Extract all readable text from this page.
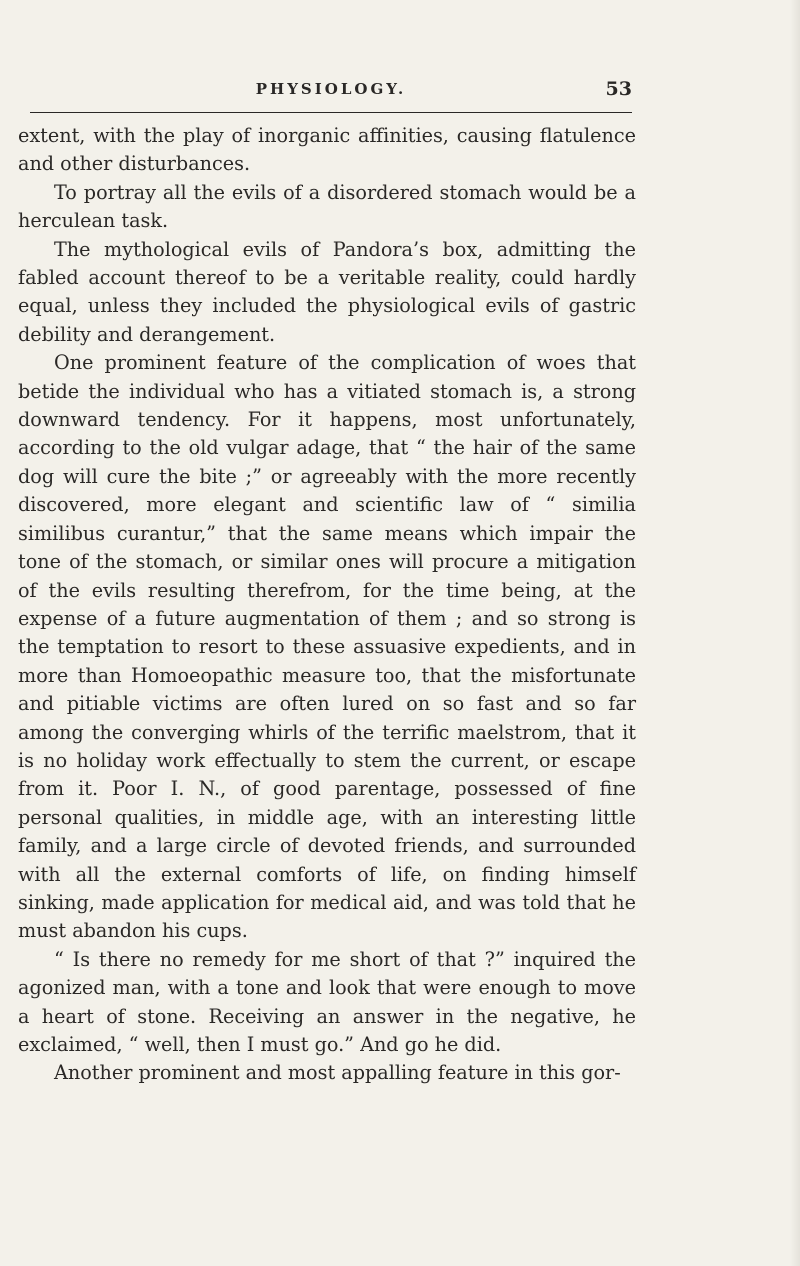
PHYSIOLOGY.	53

extent, with the play of inorganic affinities, causing flatulence and other disturbances.

To portray all the evils of a disordered stomach would be a herculean task.

The mythological evils of Pandora’s box, admitting the fabled account thereof to be a veritable reality, could hardly equal, unless they included the physiological evils of gastric debility and derangement.

One prominent feature of the complication of woes that betide the individual who has a vitiated stomach is, a strong downward tendency. For it happens, most unfortunately, according to the old vulgar adage, that “ the hair of the same dog will cure the bite ;” or agreeably with the more recently discovered, more elegant and scientific law of “ similia similibus curantur,” that the same means which impair the tone of the stomach, or similar ones will procure a mitigation of the evils resulting therefrom, for the time being, at the expense of a future augmentation of them ; and so strong is the temptation to resort to these assuasive expedients, and in more than Homoeopathic measure too, that the misfortunate and pitiable victims are often lured on so fast and so far among the converging whirls of the terrific maelstrom, that it is no holiday work effectually to stem the current, or escape from it. Poor I. N., of good parentage, possessed of fine personal qualities, in middle age, with an interesting little family, and a large circle of devoted friends, and surrounded with all the external comforts of life, on finding himself sinking, made application for medical aid, and was told that he must abandon his cups.

“ Is there no remedy for me short of that ?” inquired the agonized man, with a tone and look that were enough to move a heart of stone. Receiving an answer in the negative, he exclaimed, “ well, then I must go.” And go he did.

Another prominent and most appalling feature in this gor-
